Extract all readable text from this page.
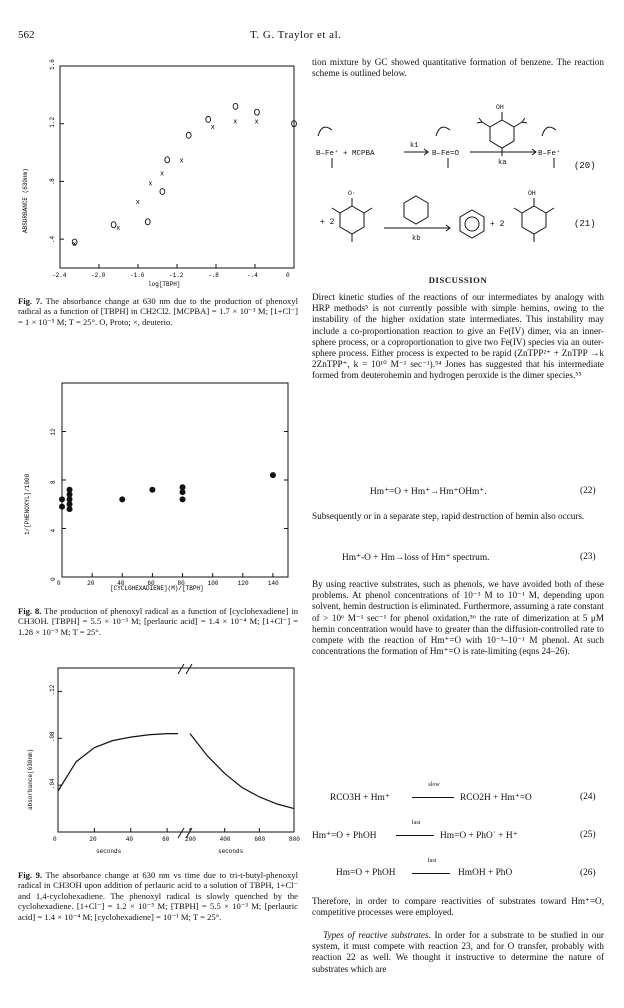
562	T. G. Traylor et al.
ABSORBANCE (630nm)
log[TBPH]
-2.4	-2.0	-1.6	-1.2	-.8	-.4	0
1.6
1.2
.8
.4
x
x
x
x
x
x
x
x x
Fig. 7. The absorbance change at 630 nm due to the production of phenoxyl radical as a function of [TBPH] in CH2Cl2. [MCPBA] = 1.7 × 10⁻³ M; [1+Cl⁻] = 1 × 10⁻⁵ M; T = 25°. O, Proto; ×, deuterio.
1/[PHENOXYL]/1000
[CYCLOHEXADIENE](M)/[TBPH]
0	20	40	60	80	100	120	140
0
4
8
12
Fig. 8. The production of phenoxyl radical as a function of [cyclohexadiene] in CH3OH. [TBPH] = 5.5 × 10⁻³ M; [perlauric acid] = 1.4 × 10⁻⁴ M; [1+Cl⁻] = 1.28 × 10⁻⁵ M; T = 25°.
absorbance(630nm)
seconds	seconds
0	20	40	60	200	400	600	800
.04
.08
.12
Fig. 9. The absorbance change at 630 nm vs time due to tri-t-butyl-phenoxyl radical in CH3OH upon addition of perlauric acid to a solution of TBPH, 1+Cl⁻ and 1,4-cyclohexadiene. The phenoxyl radical is slowly quenched by the cyclohexadiene. [1+Cl⁻] = 1.2 × 10⁻⁵ M; [TBPH] = 5.5 × 10⁻³ M; [perlauric acid] = 1.4 × 10⁻⁴ M; [cyclohexadiene] = 10⁻¹ M; T = 25°.
tion mixture by GC showed quantitative formation of benzene. The reaction scheme is outlined below.
B–Fe⁺ + MCPBA
k1
B–Fe=O
ka
OH
B–Fe⁺
(20)
+ 2
O·
kb
+ 2
OH
(21)
DISCUSSION
Direct kinetic studies of the reactions of our intermediates by analogy with HRP methods⁵ is not currently possible with simple hemins, owing to the instability of the higher oxidation state intermediates. This instability may include a co-proportionation reaction to give an Fe(IV) dimer, via an inner-sphere process, or a coproportionation to give two Fe(IV) species via an outer-sphere process. Either process is expected to be rapid (ZnTPP²⁺ + ZnTPP →k 2ZnTPP⁺, k = 10¹⁰ M⁻¹ sec⁻¹).⁵⁴ Jones has suggested that his intermediate formed from deuterohemin and hydrogen peroxide is the dimer species.⁵⁵
Hm⁺=O + Hm⁺→Hm⁺OHm⁺.	(22)
Subsequently or in a separate step, rapid destruction of hemin also occurs.
Hm⁺-O + Hm→loss of Hm⁺ spectrum.	(23)
By using reactive substrates, such as phenols, we have avoided both of these problems. At phenol concentrations of 10⁻³ M to 10⁻¹ M, depending upon solvent, hemin destruction is eliminated. Furthermore, assuming a rate constant of > 10⁶ M⁻¹ sec⁻¹ for phenol oxidation,⁵⁶ the rate of dimerization at 5 μM hemin concentration would have to greater than the diffusion-controlled rate to compete with the reaction of Hm⁺=O with 10⁻³–10⁻¹ M phenol. At such concentrations the formation of Hm⁺=O is rate-limiting (eqns 24–26).
RCO3H + Hm⁺
slow
RCO2H + Hm⁺=O	(24)
Hm⁺=O + PhOH
fast
Hm=O + PhO˙ + H⁺	(25)
Hm=O + PhOH
fast
HmOH + PhO	(26)
Therefore, in order to compare reactivities of substrates toward Hm⁺=O, competitive processes were employed.
Types of reactive substrates. In order for a substrate to be studied in our system, it must compete with reaction 23, and for O transfer, probably with reaction 22 as well. We thought it instructive to determine the nature of substrates which are
